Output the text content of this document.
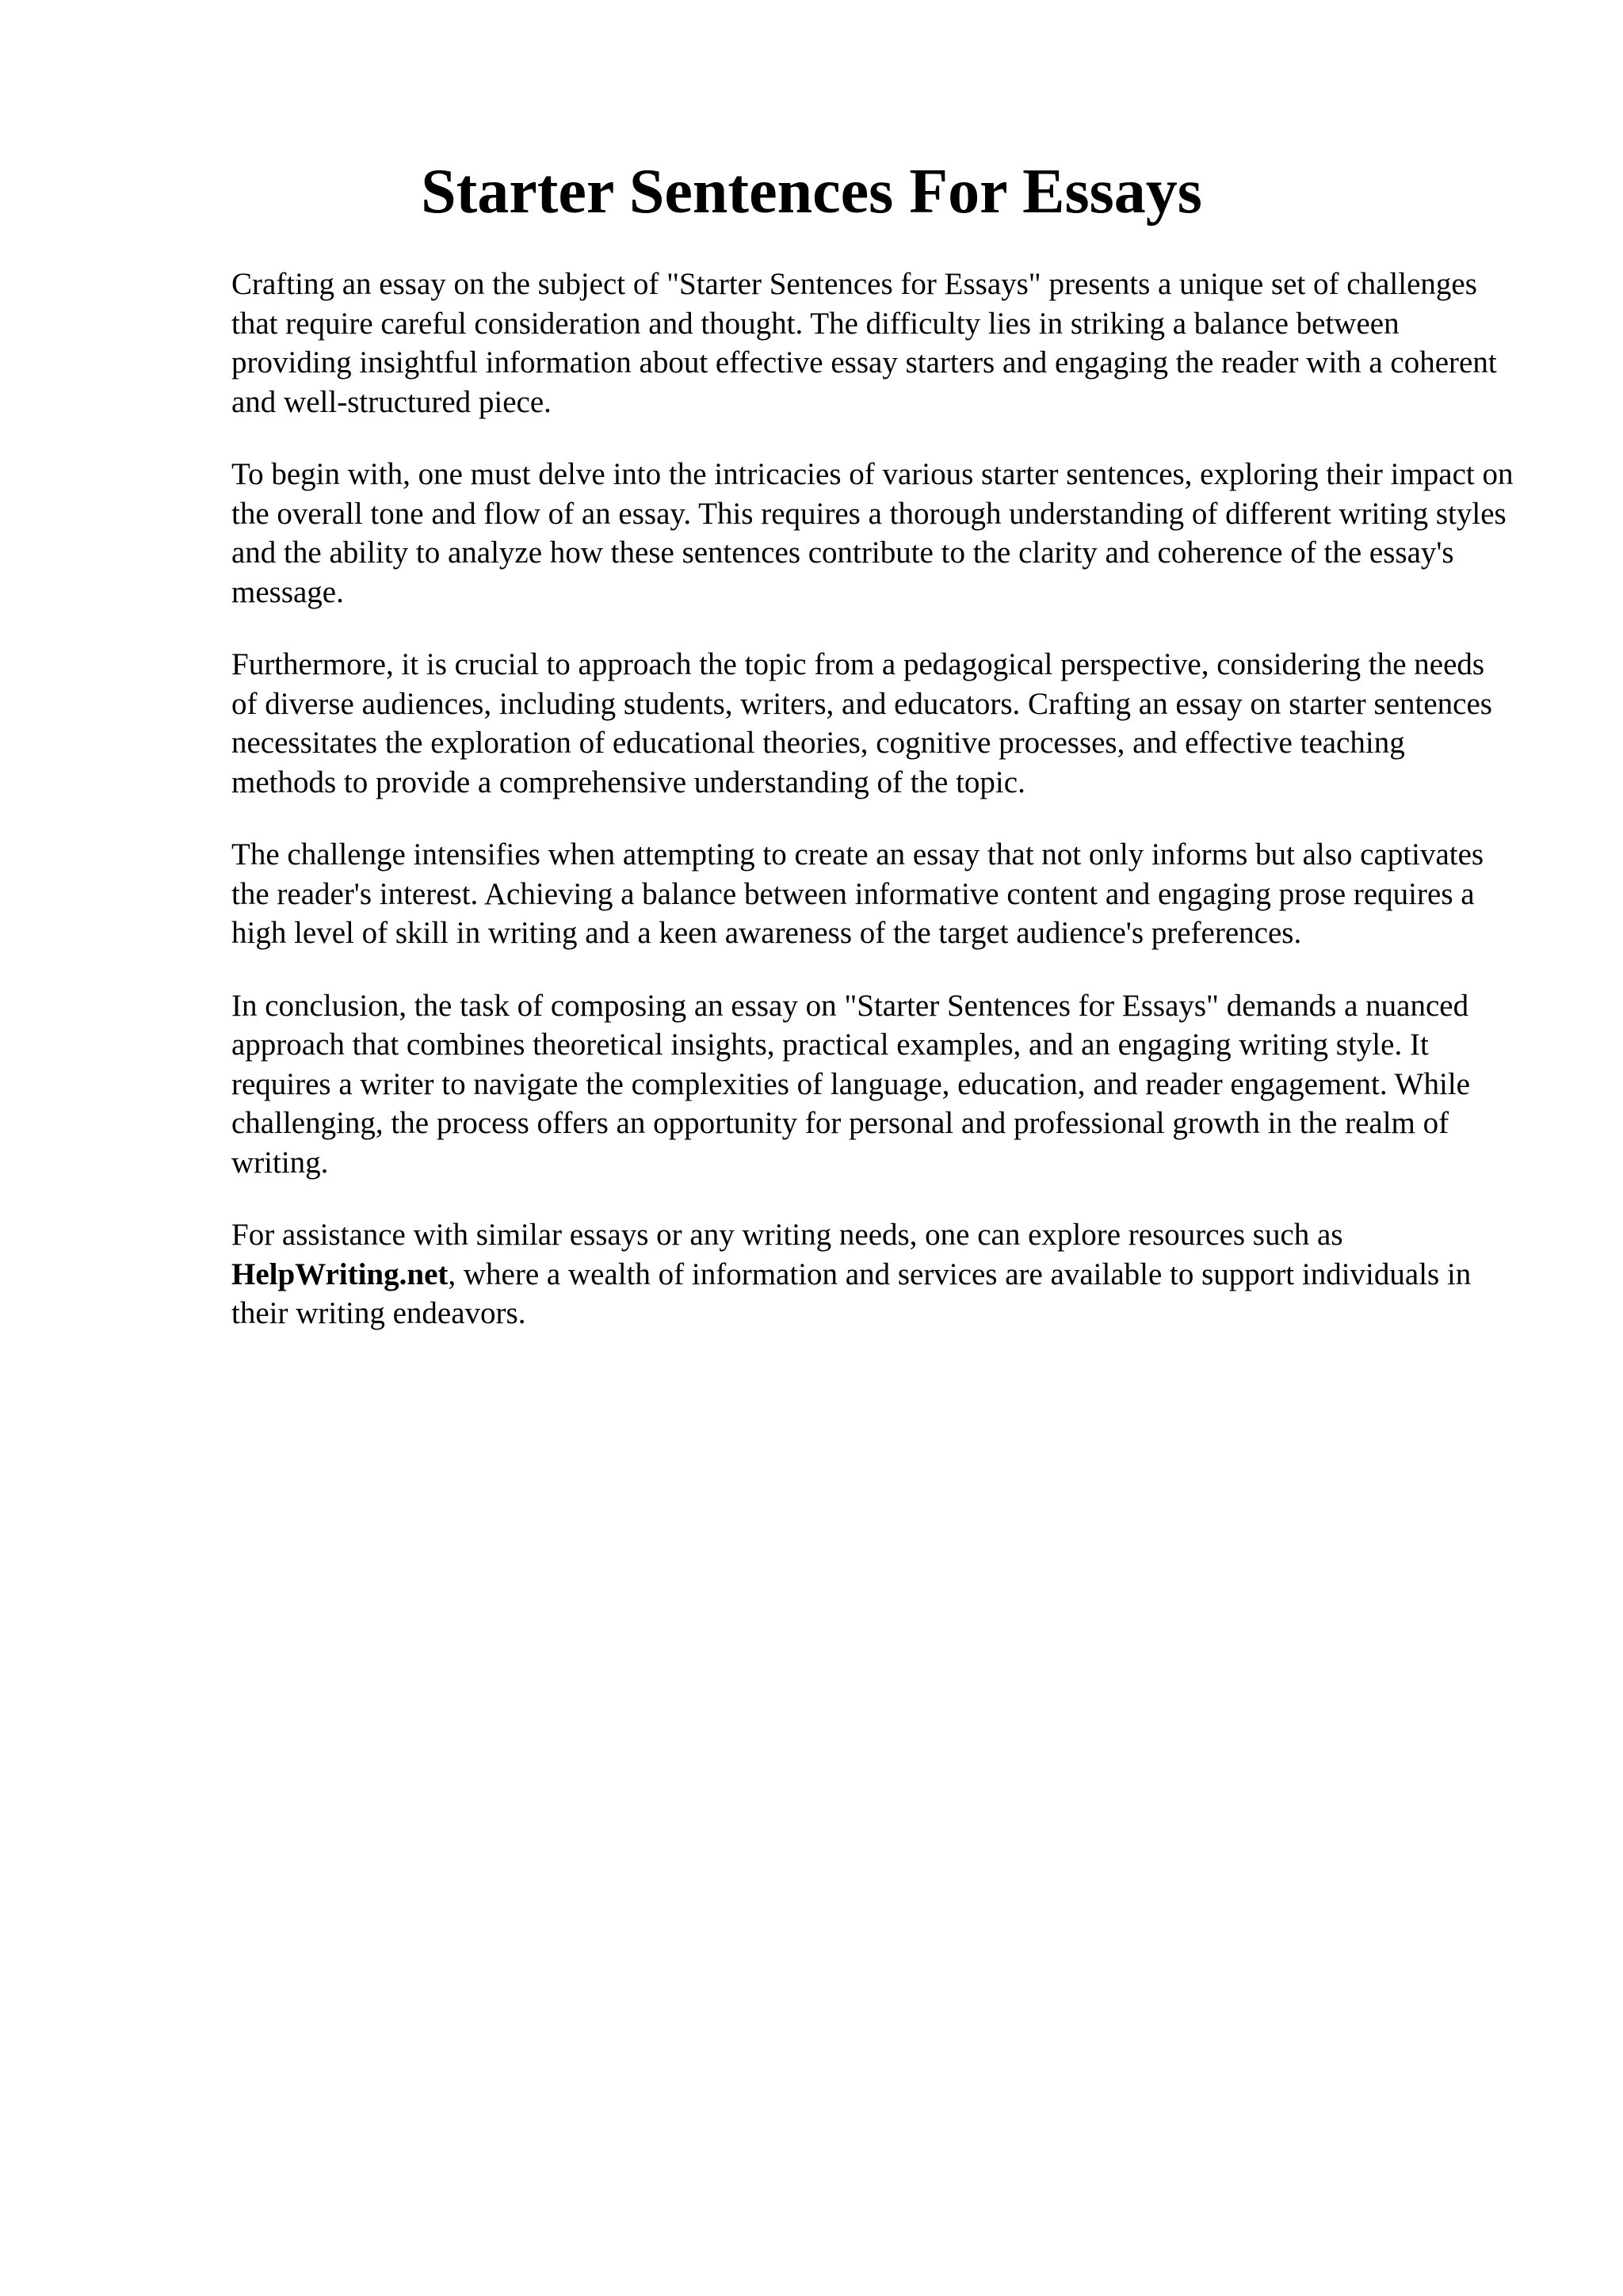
Starter Sentences For Essays

Crafting an essay on the subject of "Starter Sentences for Essays" presents a unique set of challenges that require careful consideration and thought. The difficulty lies in striking a balance between providing insightful information about effective essay starters and engaging the reader with a coherent and well-structured piece.

To begin with, one must delve into the intricacies of various starter sentences, exploring their impact on the overall tone and flow of an essay. This requires a thorough understanding of different writing styles and the ability to analyze how these sentences contribute to the clarity and coherence of the essay's message.

Furthermore, it is crucial to approach the topic from a pedagogical perspective, considering the needs of diverse audiences, including students, writers, and educators. Crafting an essay on starter sentences necessitates the exploration of educational theories, cognitive processes, and effective teaching methods to provide a comprehensive understanding of the topic.

The challenge intensifies when attempting to create an essay that not only informs but also captivates the reader's interest. Achieving a balance between informative content and engaging prose requires a high level of skill in writing and a keen awareness of the target audience's preferences.

In conclusion, the task of composing an essay on "Starter Sentences for Essays" demands a nuanced approach that combines theoretical insights, practical examples, and an engaging writing style. It requires a writer to navigate the complexities of language, education, and reader engagement. While challenging, the process offers an opportunity for personal and professional growth in the realm of writing.

For assistance with similar essays or any writing needs, one can explore resources such as HelpWriting.net, where a wealth of information and services are available to support individuals in their writing endeavors.
